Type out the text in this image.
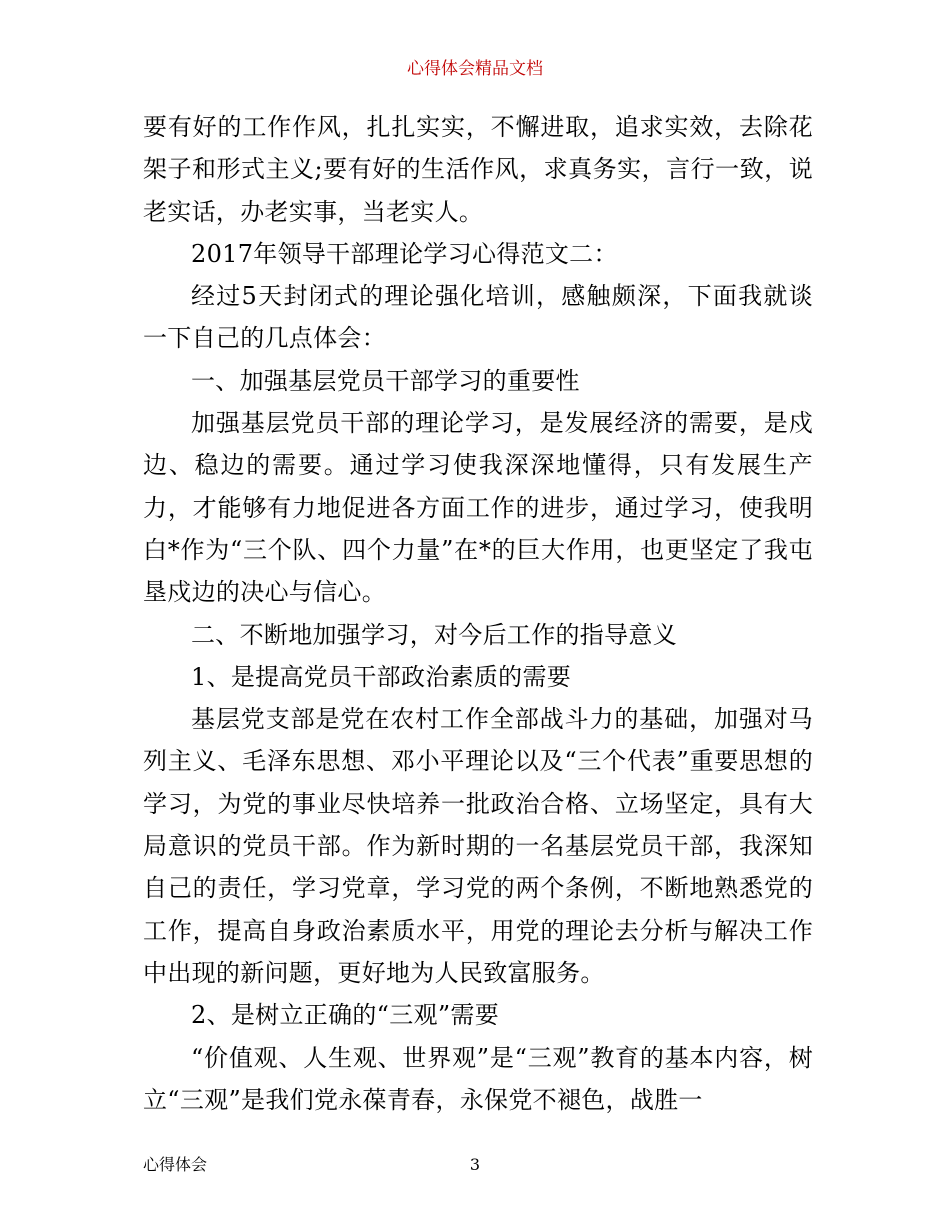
心得体会精品文档

要有好的工作作风，扎扎实实，不懈进取，追求实效，去除花架子和形式主义;要有好的生活作风，求真务实，言行一致，说老实话，办老实事，当老实人。

2017年领导干部理论学习心得范文二：

经过5天封闭式的理论强化培训，感触颇深，下面我就谈一下自己的几点体会：

一、加强基层党员干部学习的重要性

加强基层党员干部的理论学习，是发展经济的需要，是戍边、稳边的需要。通过学习使我深深地懂得，只有发展生产力，才能够有力地促进各方面工作的进步，通过学习，使我明白*作为“三个队、四个力量”在*的巨大作用，也更坚定了我屯垦戍边的决心与信心。

二、不断地加强学习，对今后工作的指导意义

1、是提高党员干部政治素质的需要

基层党支部是党在农村工作全部战斗力的基础，加强对马列主义、毛泽东思想、邓小平理论以及“三个代表”重要思想的学习，为党的事业尽快培养一批政治合格、立场坚定，具有大局意识的党员干部。作为新时期的一名基层党员干部，我深知自己的责任，学习党章，学习党的两个条例，不断地熟悉党的工作，提高自身政治素质水平，用党的理论去分析与解决工作中出现的新问题，更好地为人民致富服务。

2、是树立正确的“三观”需要

“价值观、人生观、世界观”是“三观”教育的基本内容，树立“三观”是我们党永葆青春，永保党不褪色，战胜一

心得体会	3
